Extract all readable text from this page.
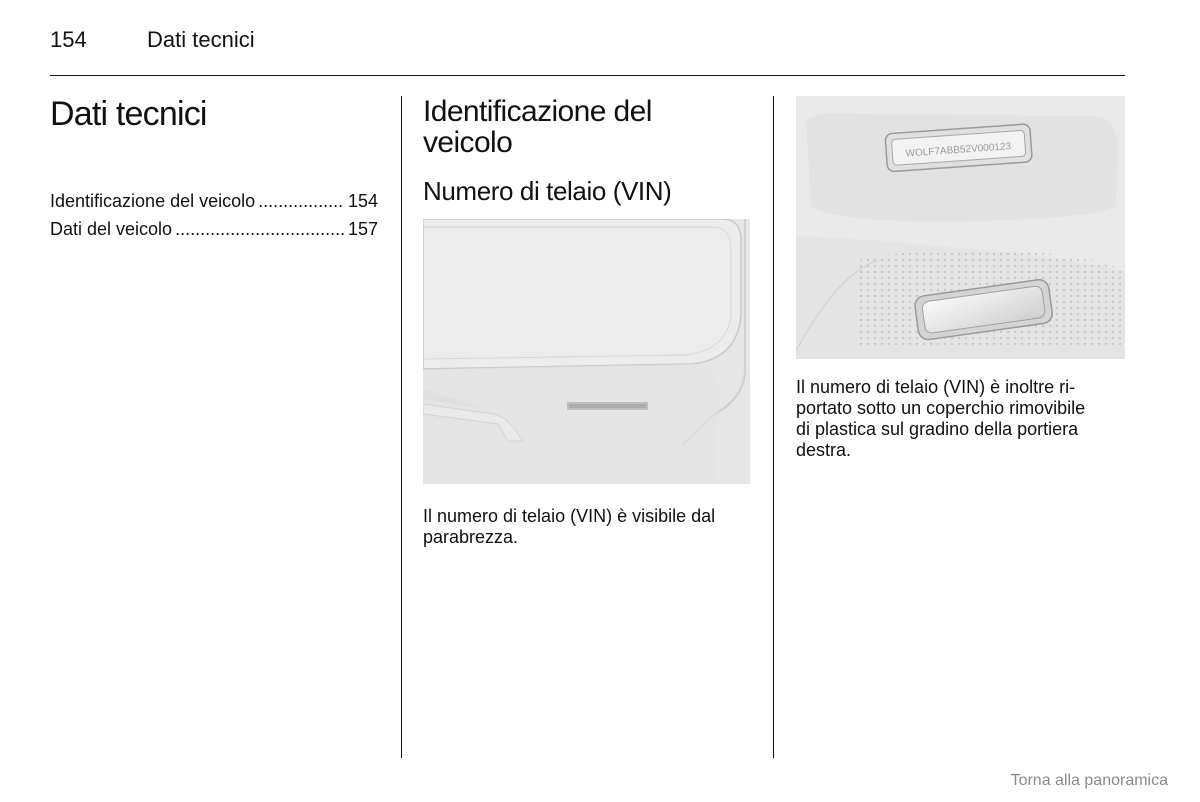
154	Dati tecnici
Dati tecnici
Identificazione del veicolo .....	154
Dati del veicolo .....	157
Identificazione del
veicolo
Numero di telaio (VIN)
Il numero di telaio (VIN) è visibile dal
parabrezza.
WOLF7ABB52V000123
Il numero di telaio (VIN) è inoltre ri-
portato sotto un coperchio rimovibile
di plastica sul gradino della portiera
destra.
Torna alla panoramica
